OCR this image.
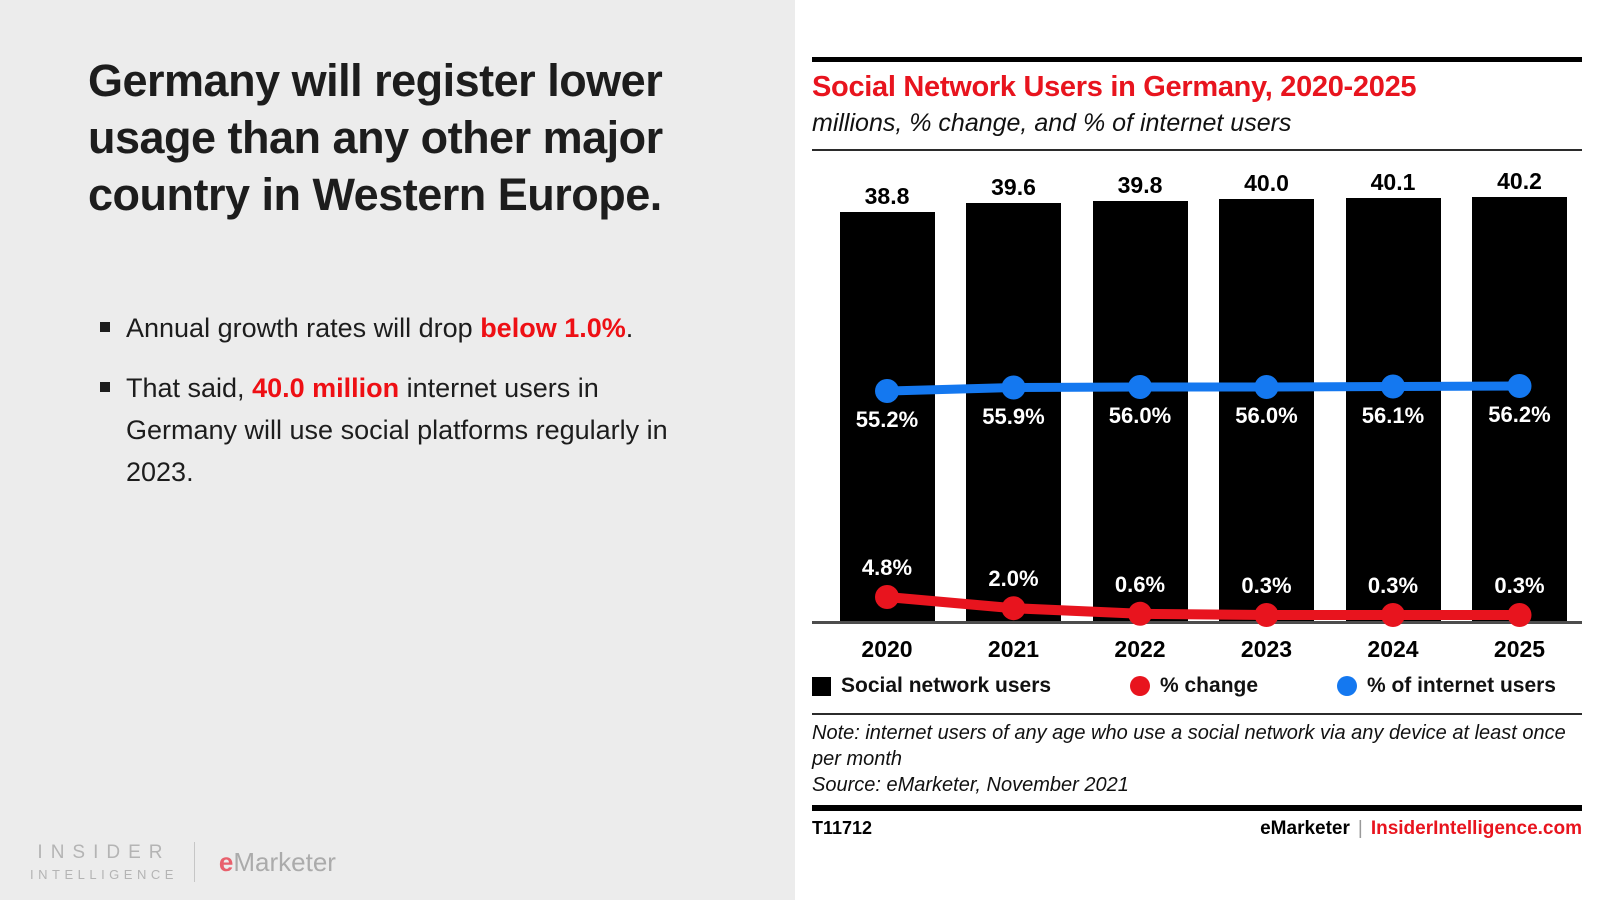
Germany will register lower usage than any other major country in Western Europe.
Annual growth rates will drop below 1.0%.
That said, 40.0 million internet users in Germany will use social platforms regularly in 2023.
INSIDER
INTELLIGENCE eMarketer
Social Network Users in Germany, 2020-2025
millions, % change, and % of internet users
38.8
2020
39.6
2021
39.8
2022
40.0
2023
40.1
2024
40.2
2025
55.2%
4.8%
55.9%
2.0%
56.0%
0.6%
56.0%
0.3%
56.1%
0.3%
56.2%
0.3%
Social network users	% change	% of internet users
Note: internet users of any age who use a social network via any device at least once per month
Source: eMarketer, November 2021
T11712	eMarketer | InsiderIntelligence.com
